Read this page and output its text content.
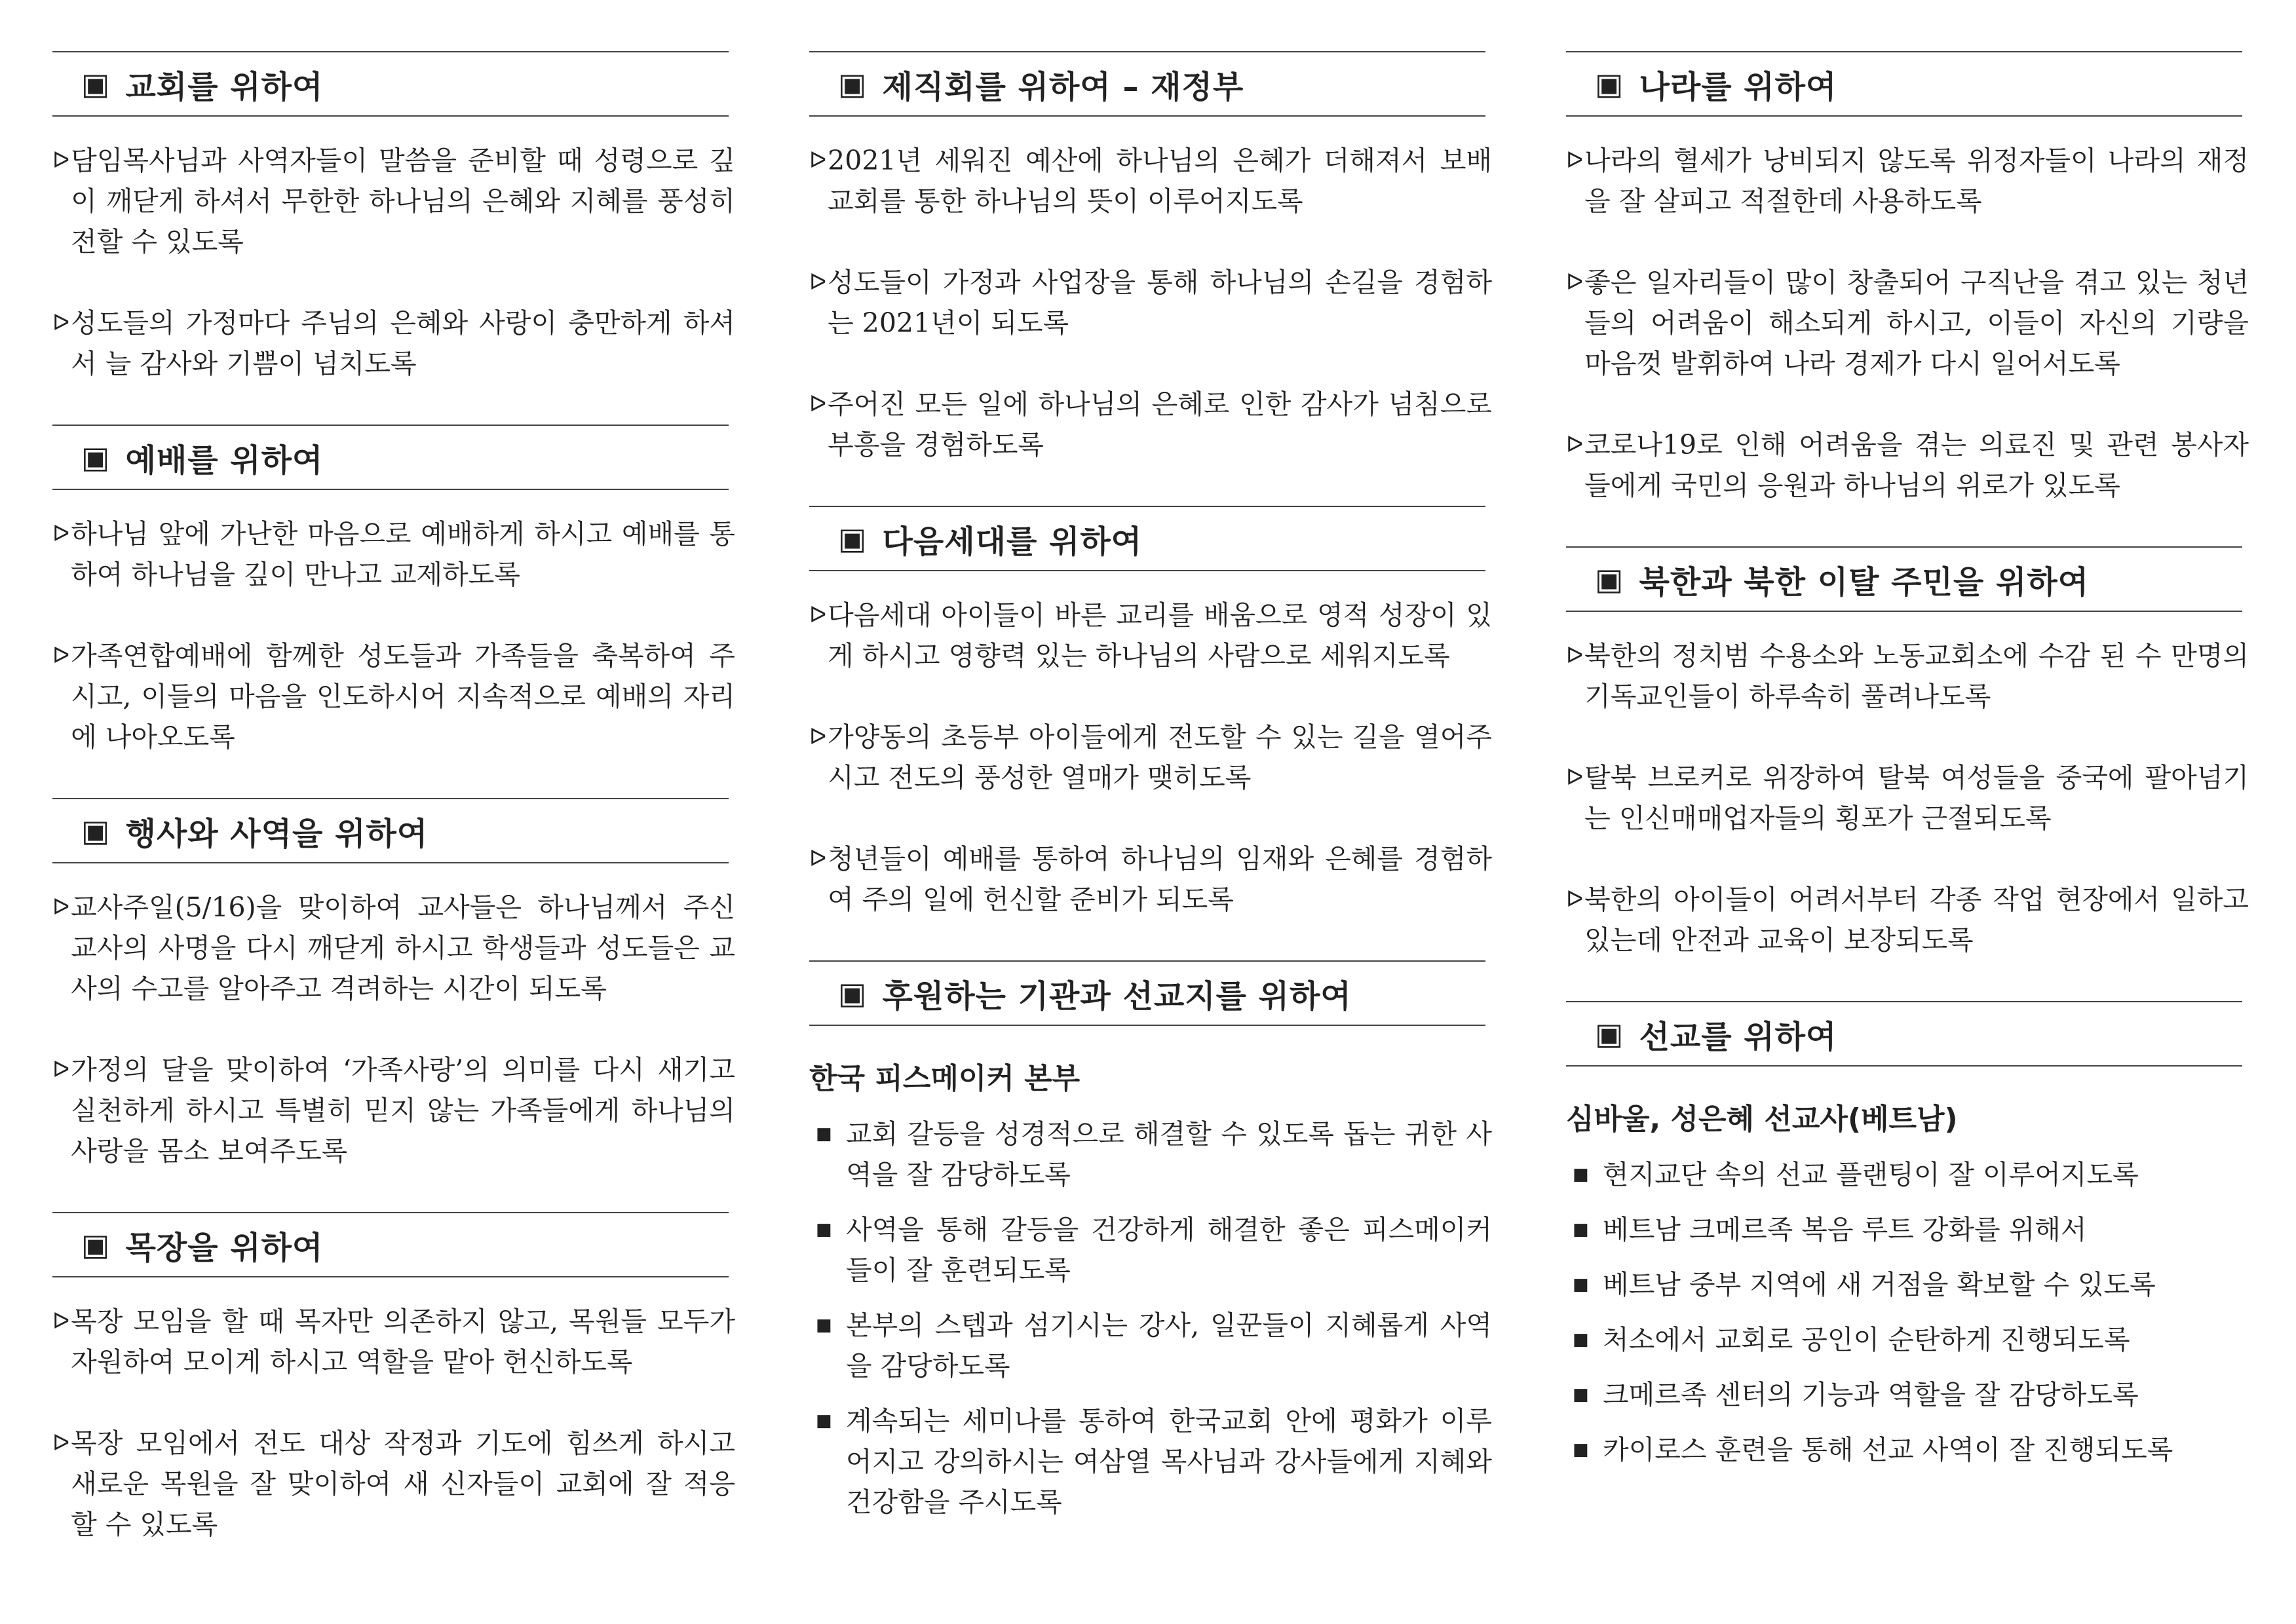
▣ 교회를 위하여
ᐅ 담임목사님과 사역자들이 말씀을 준비할 때 성령으로 깊이 깨닫게 하셔서 무한한 하나님의 은혜와 지혜를 풍성히 전할 수 있도록
ᐅ 성도들의 가정마다 주님의 은혜와 사랑이 충만하게 하셔서 늘 감사와 기쁨이 넘치도록
▣ 예배를 위하여
ᐅ 하나님 앞에 가난한 마음으로 예배하게 하시고 예배를 통하여 하나님을 깊이 만나고 교제하도록
ᐅ 가족연합예배에 함께한 성도들과 가족들을 축복하여 주시고, 이들의 마음을 인도하시어 지속적으로 예배의 자리에 나아오도록
▣ 행사와 사역을 위하여
ᐅ 교사주일(5/16)을 맞이하여 교사들은 하나님께서 주신 교사의 사명을 다시 깨닫게 하시고 학생들과 성도들은 교사의 수고를 알아주고 격려하는 시간이 되도록
ᐅ 가정의 달을 맞이하여 ‘가족사랑’의 의미를 다시 새기고 실천하게 하시고 특별히 믿지 않는 가족들에게 하나님의 사랑을 몸소 보여주도록
▣ 목장을 위하여
ᐅ 목장 모임을 할 때 목자만 의존하지 않고, 목원들 모두가 자원하여 모이게 하시고 역할을 맡아 헌신하도록
ᐅ 목장 모임에서 전도 대상 작정과 기도에 힘쓰게 하시고 새로운 목원을 잘 맞이하여 새 신자들이 교회에 잘 적응할 수 있도록
▣ 제직회를 위하여 – 재정부
ᐅ 2021년 세워진 예산에 하나님의 은혜가 더해져서 보배교회를 통한 하나님의 뜻이 이루어지도록
ᐅ 성도들이 가정과 사업장을 통해 하나님의 손길을 경험하는 2021년이 되도록
ᐅ 주어진 모든 일에 하나님의 은혜로 인한 감사가 넘침으로 부흥을 경험하도록
▣ 다음세대를 위하여
ᐅ 다음세대 아이들이 바른 교리를 배움으로 영적 성장이 있게 하시고 영향력 있는 하나님의 사람으로 세워지도록
ᐅ 가양동의 초등부 아이들에게 전도할 수 있는 길을 열어주시고 전도의 풍성한 열매가 맺히도록
ᐅ 청년들이 예배를 통하여 하나님의 임재와 은혜를 경험하여 주의 일에 헌신할 준비가 되도록
▣ 후원하는 기관과 선교지를 위하여
한국 피스메이커 본부
■ 교회 갈등을 성경적으로 해결할 수 있도록 돕는 귀한 사역을 잘 감당하도록
■ 사역을 통해 갈등을 건강하게 해결한 좋은 피스메이커들이 잘 훈련되도록
■ 본부의 스텝과 섬기시는 강사, 일꾼들이 지혜롭게 사역을 감당하도록
■ 계속되는 세미나를 통하여 한국교회 안에 평화가 이루어지고 강의하시는 여삼열 목사님과 강사들에게 지혜와 건강함을 주시도록
▣ 나라를 위하여
ᐅ 나라의 혈세가 낭비되지 않도록 위정자들이 나라의 재정을 잘 살피고 적절한데 사용하도록
ᐅ 좋은 일자리들이 많이 창출되어 구직난을 겪고 있는 청년들의 어려움이 해소되게 하시고, 이들이 자신의 기량을 마음껏 발휘하여 나라 경제가 다시 일어서도록
ᐅ 코로나19로 인해 어려움을 겪는 의료진 및 관련 봉사자들에게 국민의 응원과 하나님의 위로가 있도록
▣ 북한과 북한 이탈 주민을 위하여
ᐅ 북한의 정치범 수용소와 노동교회소에 수감 된 수 만명의 기독교인들이 하루속히 풀려나도록
ᐅ 탈북 브로커로 위장하여 탈북 여성들을 중국에 팔아넘기는 인신매매업자들의 횡포가 근절되도록
ᐅ 북한의 아이들이 어려서부터 각종 작업 현장에서 일하고 있는데 안전과 교육이 보장되도록
▣ 선교를 위하여
심바울, 성은혜 선교사(베트남)
■ 현지교단 속의 선교 플랜팅이 잘 이루어지도록
■ 베트남 크메르족 복음 루트 강화를 위해서
■ 베트남 중부 지역에 새 거점을 확보할 수 있도록
■ 처소에서 교회로 공인이 순탄하게 진행되도록
■ 크메르족 센터의 기능과 역할을 잘 감당하도록
■ 카이로스 훈련을 통해 선교 사역이 잘 진행되도록
